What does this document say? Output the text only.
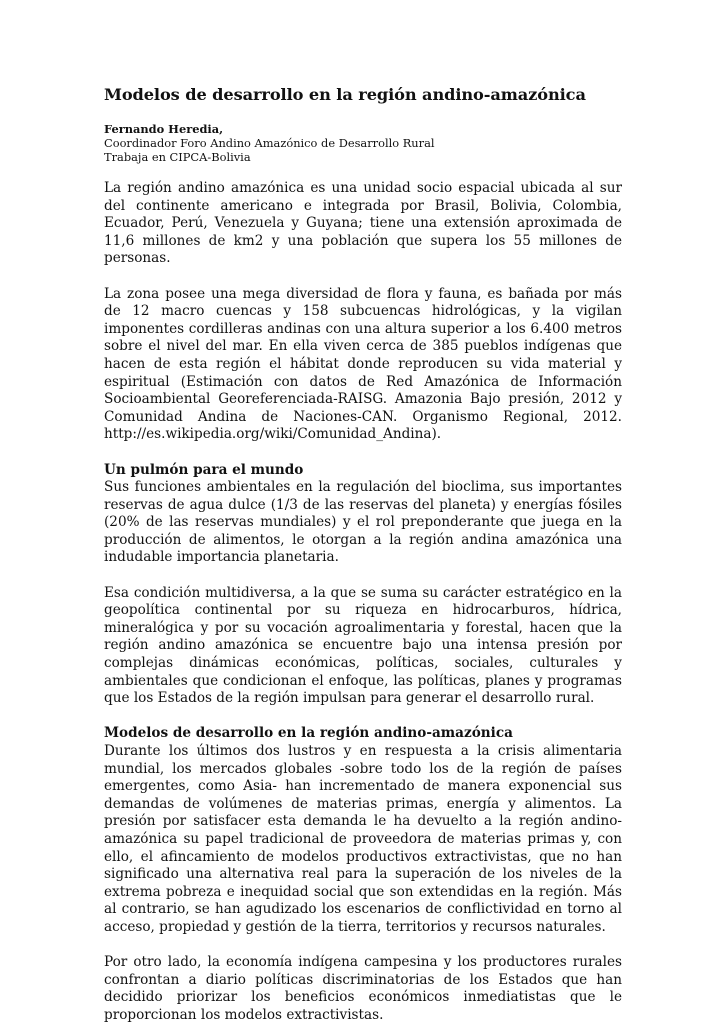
Modelos de desarrollo en la región andino-amazónica
Fernando Heredia,
Coordinador Foro Andino Amazónico de Desarrollo Rural
Trabaja en CIPCA-Bolivia

La región andino amazónica es una unidad socio espacial ubicada al sur del continente americano e integrada por Brasil, Bolivia, Colombia, Ecuador, Perú, Venezuela y Guyana; tiene una extensión aproximada de 11,6 millones de km2 y una población que supera los 55 millones de personas.

La zona posee una mega diversidad de flora y fauna, es bañada por más de 12 macro cuencas y 158 subcuencas hidrológicas, y la vigilan imponentes cordilleras andinas con una altura superior a los 6.400 metros sobre el nivel del mar. En ella viven cerca de 385 pueblos indígenas que hacen de esta región el hábitat donde reproducen su vida material y espiritual (Estimación con datos de Red Amazónica de Información Socioambiental Georeferenciada-RAISG. Amazonia Bajo presión, 2012 y Comunidad Andina de Naciones-CAN. Organismo Regional, 2012. http://es.wikipedia.org/wiki/Comunidad_Andina).

Un pulmón para el mundo

Sus funciones ambientales en la regulación del bioclima, sus importantes reservas de agua dulce (1/3 de las reservas del planeta) y energías fósiles (20% de las reservas mundiales) y el rol preponderante que juega en la producción de alimentos, le otorgan a la región andina amazónica una indudable importancia planetaria.

Esa condición multidiversa, a la que se suma su carácter estratégico en la geopolítica continental por su riqueza en hidrocarburos, hídrica, mineralógica y por su vocación agroalimentaria y forestal, hacen que la región andino amazónica se encuentre bajo una intensa presión por complejas dinámicas económicas, políticas, sociales, culturales y ambientales que condicionan el enfoque, las políticas, planes y programas que los Estados de la región impulsan para generar el desarrollo rural.

Modelos de desarrollo en la región andino-amazónica

Durante los últimos dos lustros y en respuesta a la crisis alimentaria mundial, los mercados globales -sobre todo los de la región de países emergentes, como Asia- han incrementado de manera exponencial sus demandas de volúmenes de materias primas, energía y alimentos. La presión por satisfacer esta demanda le ha devuelto a la región andino-amazónica su papel tradicional de proveedora de materias primas y, con ello, el afincamiento de modelos productivos extractivistas, que no han significado una alternativa real para la superación de los niveles de la extrema pobreza e inequidad social que son extendidas en la región. Más al contrario, se han agudizado los escenarios de conflictividad en torno al acceso, propiedad y gestión de la tierra, territorios y recursos naturales.

Por otro lado, la economía indígena campesina y los productores rurales confrontan a diario políticas discriminatorias de los Estados que han decidido priorizar los beneficios económicos inmediatistas que le proporcionan los modelos extractivistas.
